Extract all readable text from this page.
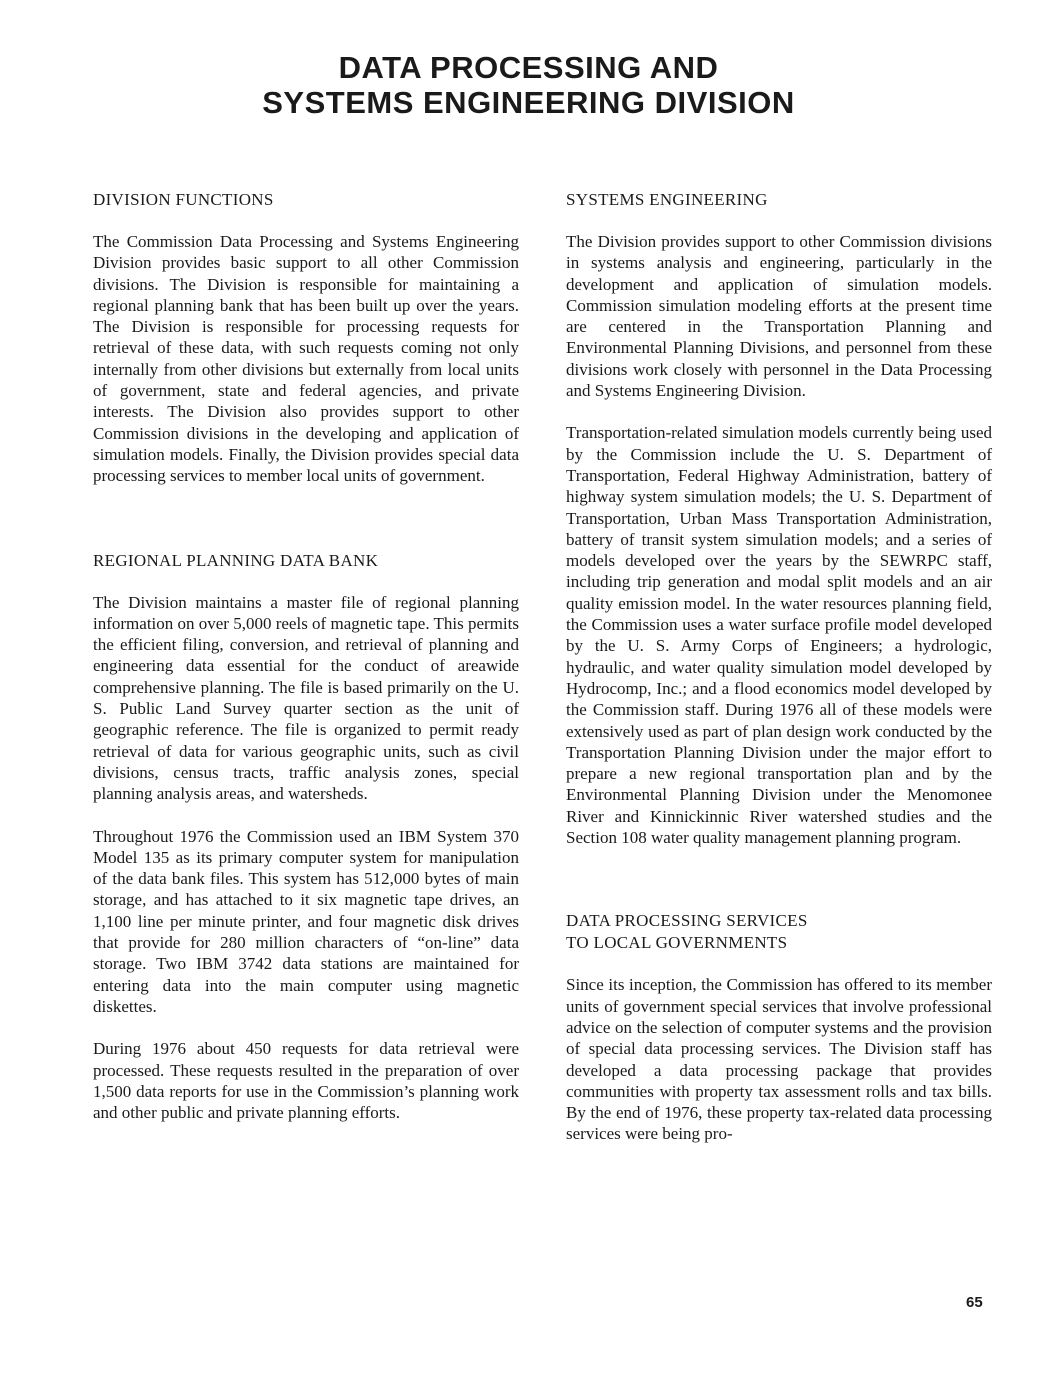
DATA PROCESSING AND
SYSTEMS ENGINEERING DIVISION
DIVISION FUNCTIONS

The Commission Data Processing and Systems Engineering Division provides basic support to all other Commission divisions. The Division is responsible for maintaining a regional planning bank that has been built up over the years. The Division is responsible for processing requests for retrieval of these data, with such requests coming not only internally from other divisions but externally from local units of government, state and federal agencies, and private interests. The Division also provides support to other Commission divisions in the developing and application of simulation models. Finally, the Division provides special data processing services to member local units of government.

REGIONAL PLANNING DATA BANK

The Division maintains a master file of regional planning information on over 5,000 reels of magnetic tape. This permits the efficient filing, conversion, and retrieval of planning and engineering data essential for the conduct of areawide comprehensive planning. The file is based primarily on the U. S. Public Land Survey quarter section as the unit of geographic reference. The file is organized to permit ready retrieval of data for various geographic units, such as civil divisions, census tracts, traffic analysis zones, special planning analysis areas, and watersheds.

Throughout 1976 the Commission used an IBM System 370 Model 135 as its primary computer system for manipulation of the data bank files. This system has 512,000 bytes of main storage, and has attached to it six magnetic tape drives, an 1,100 line per minute printer, and four magnetic disk drives that provide for 280 million characters of “on-line” data storage. Two IBM 3742 data stations are maintained for entering data into the main computer using magnetic diskettes.

During 1976 about 450 requests for data retrieval were processed. These requests resulted in the preparation of over 1,500 data reports for use in the Commission’s planning work and other public and private planning efforts.

SYSTEMS ENGINEERING

The Division provides support to other Commission divisions in systems analysis and engineering, particularly in the development and application of simulation models. Commission simulation modeling efforts at the present time are centered in the Transportation Planning and Environmental Planning Divisions, and personnel from these divisions work closely with personnel in the Data Processing and Systems Engineering Division.

Transportation-related simulation models currently being used by the Commission include the U. S. Department of Transportation, Federal Highway Administration, battery of highway system simulation models; the U. S. Department of Transportation, Urban Mass Transportation Administration, battery of transit system simulation models; and a series of models developed over the years by the SEWRPC staff, including trip generation and modal split models and an air quality emission model. In the water resources planning field, the Commission uses a water surface profile model developed by the U. S. Army Corps of Engineers; a hydrologic, hydraulic, and water quality simulation model developed by Hydrocomp, Inc.; and a flood economics model developed by the Commission staff. During 1976 all of these models were extensively used as part of plan design work conducted by the Transportation Planning Division under the major effort to prepare a new regional transportation plan and by the Environmental Planning Division under the Menomonee River and Kinnickinnic River watershed studies and the Section 108 water quality management planning program.

DATA PROCESSING SERVICES
TO LOCAL GOVERNMENTS

Since its inception, the Commission has offered to its member units of government special services that involve professional advice on the selection of computer systems and the provision of special data processing services. The Division staff has developed a data processing package that provides communities with property tax assessment rolls and tax bills. By the end of 1976, these property tax-related data processing services were being pro-

65
